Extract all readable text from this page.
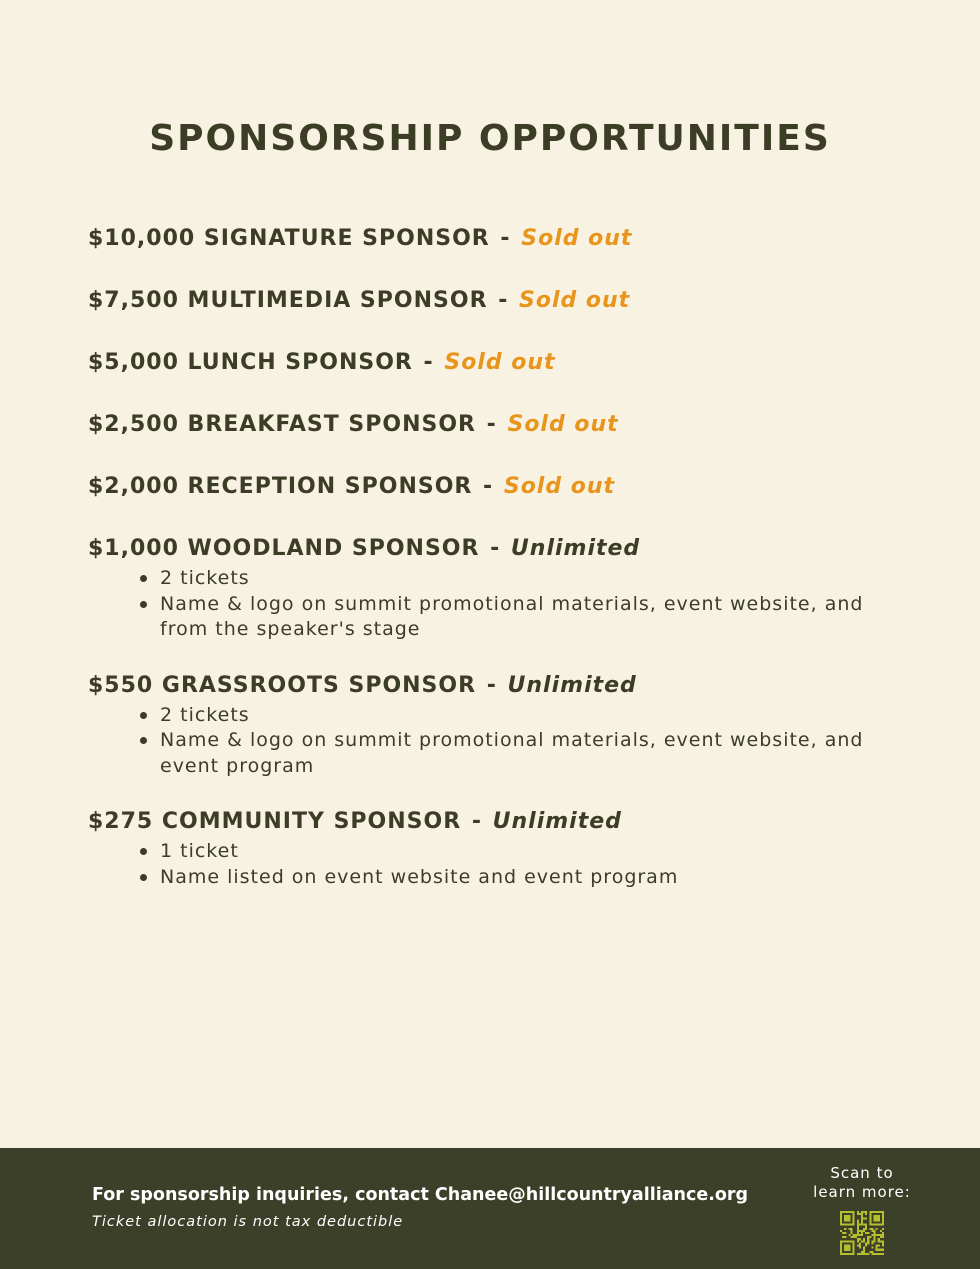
SPONSORSHIP OPPORTUNITIES
$10,000 SIGNATURE SPONSOR - Sold out
$7,500 MULTIMEDIA SPONSOR - Sold out
$5,000 LUNCH SPONSOR - Sold out
$2,500 BREAKFAST SPONSOR - Sold out
$2,000 RECEPTION SPONSOR - Sold out
$1,000 WOODLAND SPONSOR - Unlimited
2 tickets
Name & logo on summit promotional materials, event website, and from the speaker's stage
$550 GRASSROOTS SPONSOR - Unlimited
2 tickets
Name & logo on summit promotional materials, event website, and event program
$275 COMMUNITY SPONSOR - Unlimited
1 ticket
Name listed on event website and event program
For sponsorship inquiries, contact Chanee@hillcountryalliance.org
Ticket allocation is not tax deductible
Scan to
learn more:
